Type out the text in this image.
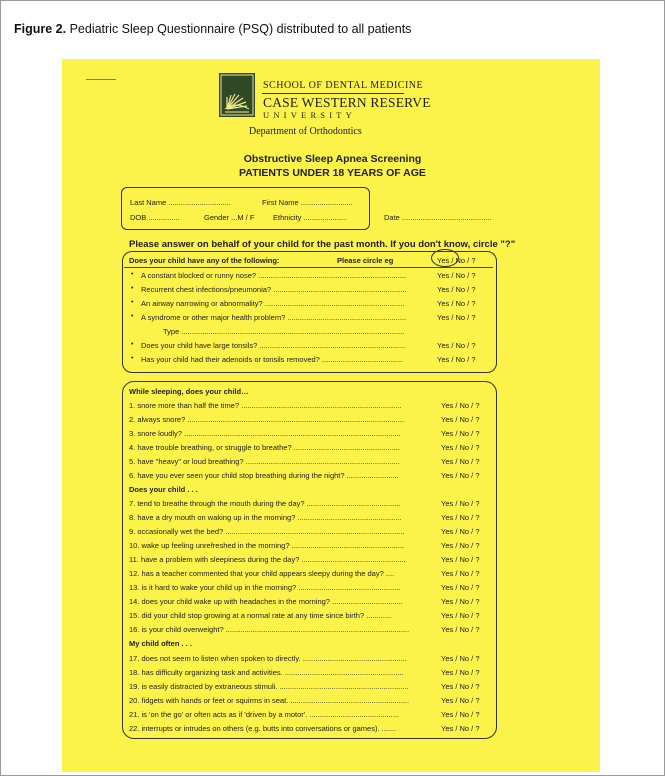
Figure 2. Pediatric Sleep Questionnaire (PSQ) distributed to all patients
SCHOOL OF DENTAL MEDICINE
CASE WESTERN RESERVE
UNIVERSITY
Department of Orthodontics
Obstructive Sleep Apnea Screening
PATIENTS UNDER 18 YEARS OF AGE
Last Name ..............................	First Name .........................
DOB ...............	Gender ...M / F Ethnicity .....................	Date ...........................................
Please answer on behalf of your child for the past month. If you don't know, circle "?"
Does your child have any of the following:	Please circle eg	Yes / No / ?
• A constant blocked or runny nose? .......................................................................	Yes / No / ?
• Recurrent chest infections/pneumonia? ................................................................	Yes / No / ?
• An airway narrowing or abnormality? ...................................................................	Yes / No / ?
• A syndrome or other major health problem? .........................................................	Yes / No / ?
Type ...........................................................................................................
• Does your child have large tonsils? ......................................................................	Yes / No / ?
• Has your child had their adenoids or tonsils removed? .......................................	Yes / No / ?
While sleeping, does your child…
1. snore more than half the time? .............................................................................	Yes / No / ?
2. always snore? ........................................................................................................	Yes / No / ?
3. snore loudly? ........................................................................................................	Yes / No / ?
4. have trouble breathing, or struggle to breathe? ...................................................	Yes / No / ?
5. have "heavy" or loud breathing? ..........................................................................	Yes / No / ?
6. have you ever seen your child stop breathing during the night? .........................	Yes / No / ?
Does your child . . .
7. tend to breathe through the mouth during the day? .............................................	Yes / No / ?
8. have a dry mouth on waking up in the morning? ..................................................	Yes / No / ?
9. occasionally wet the bed? ......................................................................................	Yes / No / ?
10. wake up feeling unrefreshed in the morning? ......................................................	Yes / No / ?
11. have a problem with sleepiness during the day? ..................................................	Yes / No / ?
12. has a teacher commented that your child appears sleepy during the day? ....	Yes / No / ?
13. is it hard to wake your child up in the morning? .................................................	Yes / No / ?
14. does your child wake up with headaches in the morning? ..................................	Yes / No / ?
15. did your child stop growing at a normal rate at any time since birth? ............	Yes / No / ?
16. is your child overweight? ........................................................................................	Yes / No / ?
My child often . . .
17. does not seem to listen when spoken to directly. ..................................................	Yes / No / ?
18. has difficulty organizing task and activities. .........................................................	Yes / No / ?
19. is easily distracted by extraneous stimuli. ..............................................................	Yes / No / ?
20. fidgets with hands or feet or squirms in seat. .........................................................	Yes / No / ?
21. is 'on the go' or often acts as if 'driven by a motor'. ...........................................	Yes / No / ?
22. interrupts or intrudes on others (e.g. butts into conversations or games). .......	Yes / No / ?
